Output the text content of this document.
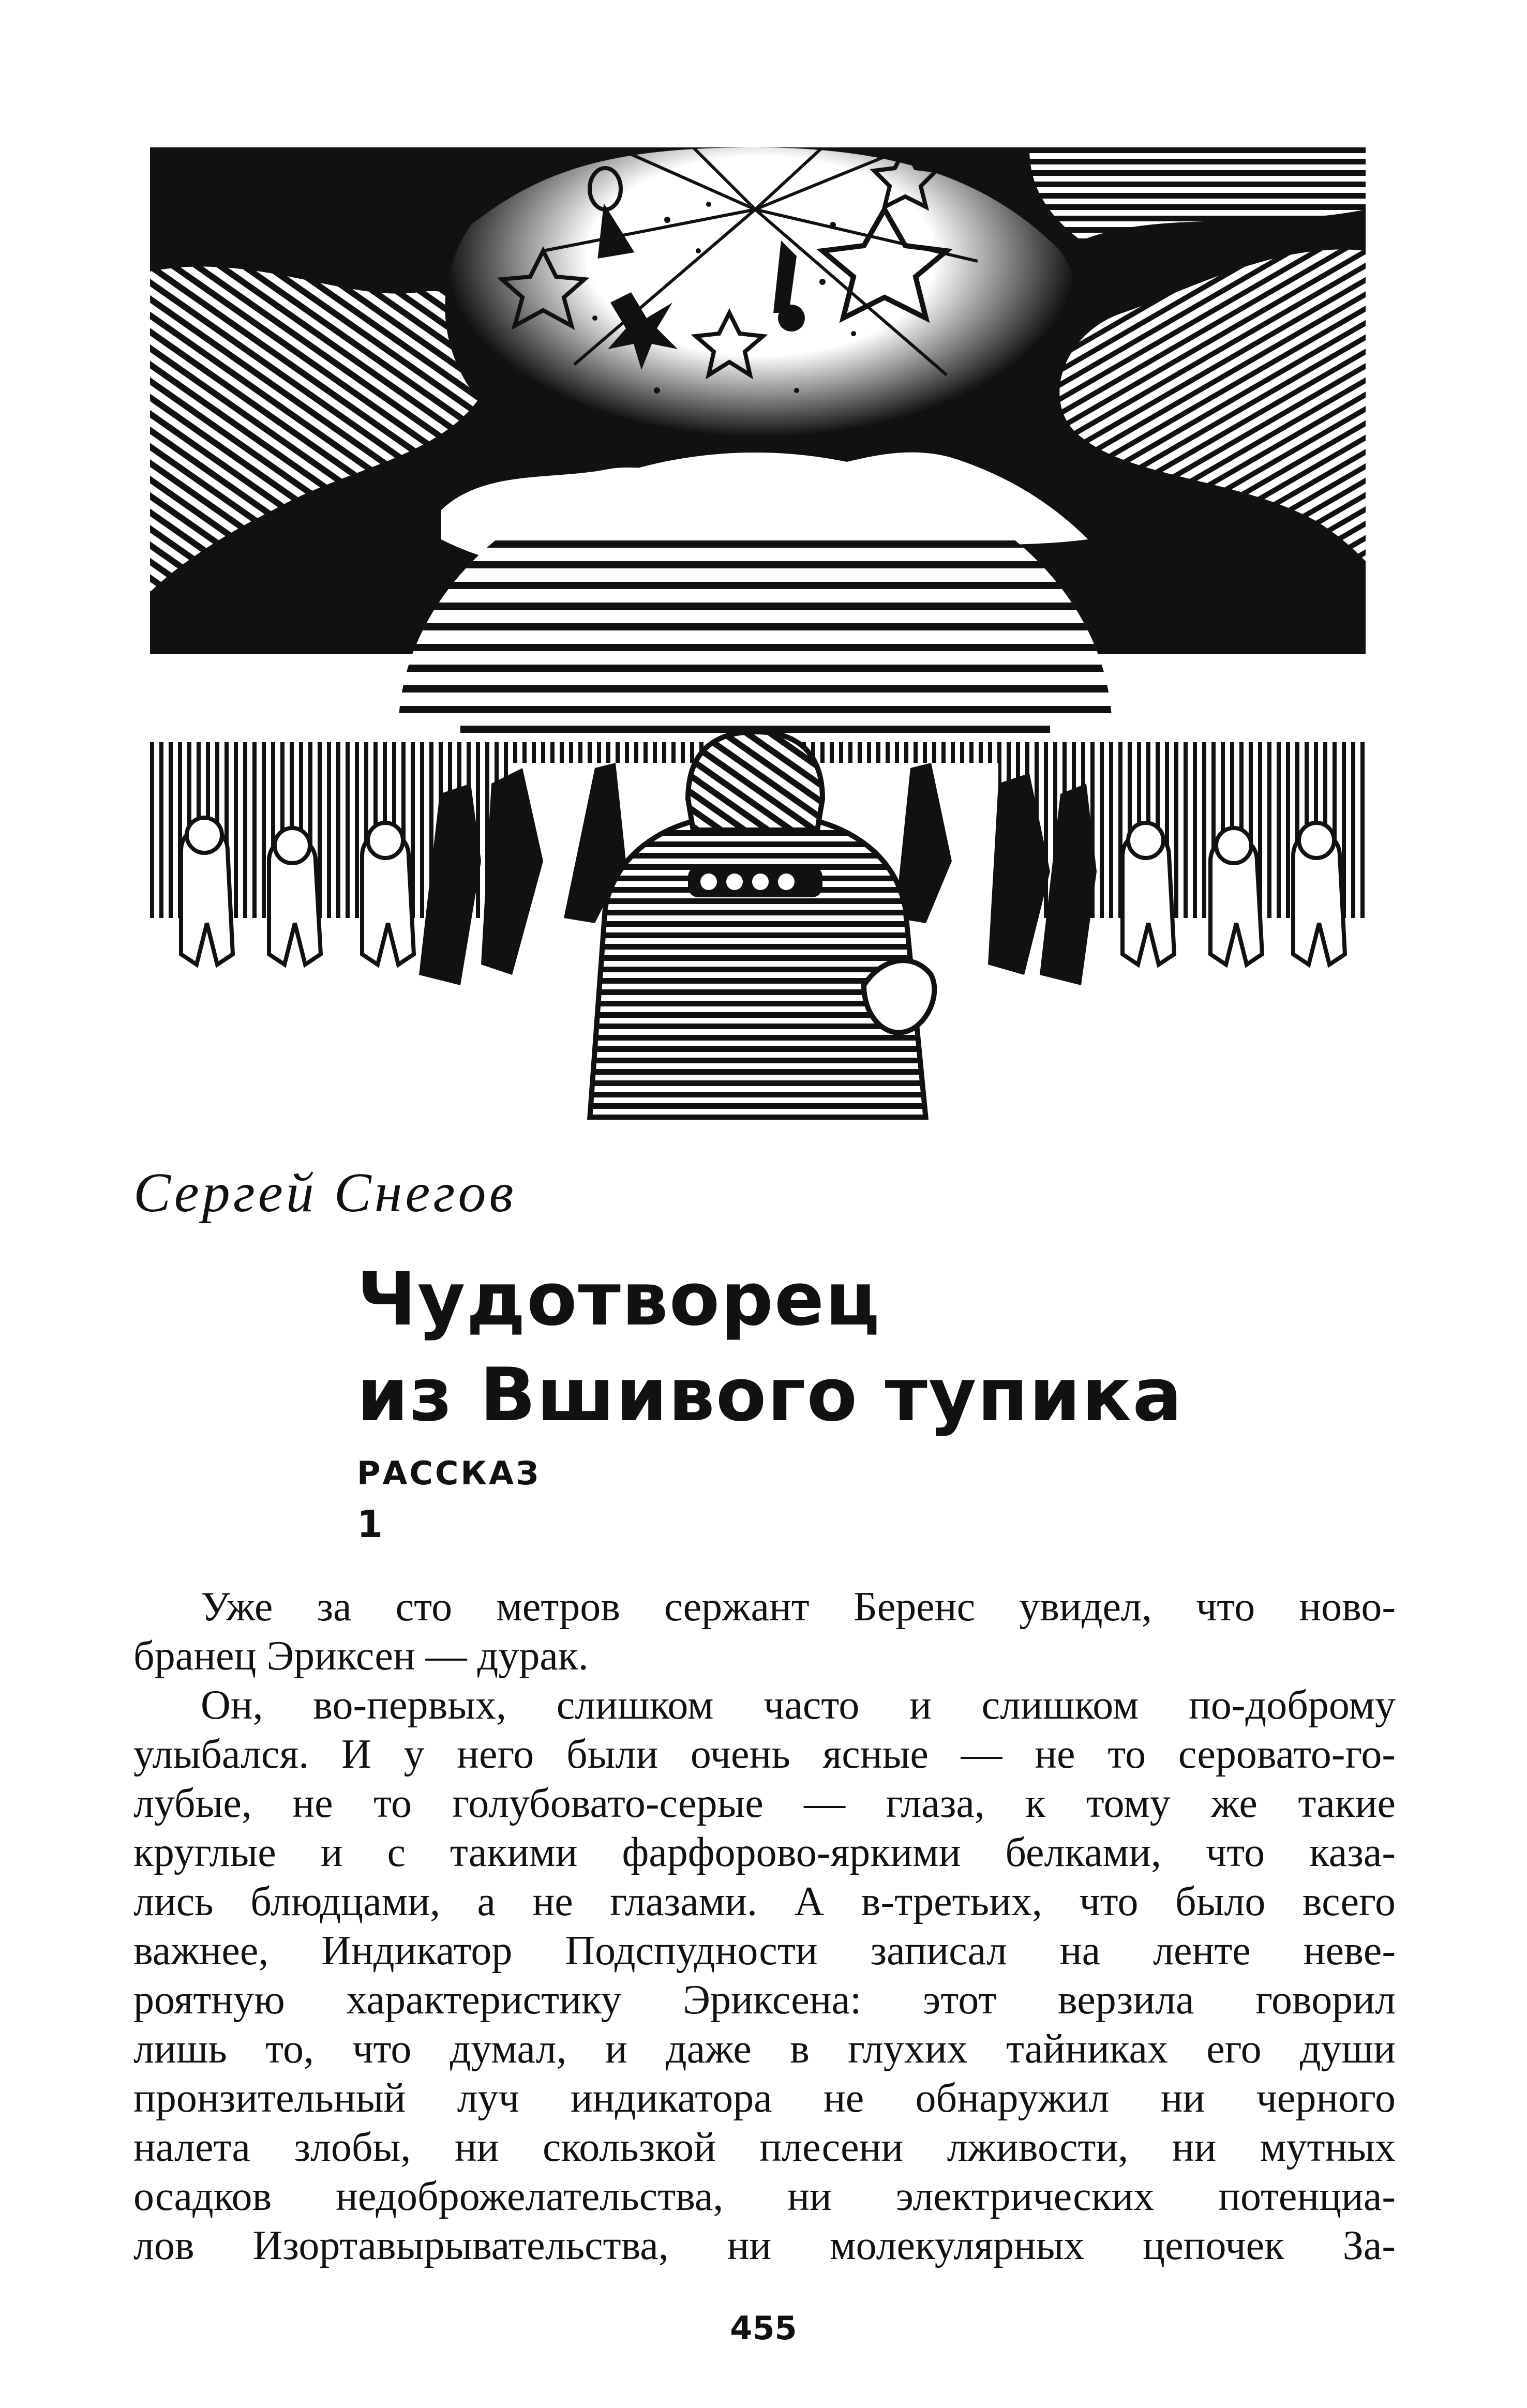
Сергей Снегов
Чудотворец
из Вшивого тупика
РАССКАЗ
1
Уже за сто метров сержант Беренс увидел, что ново-
бранец Эриксен — дурак.
Он, во-первых, слишком часто и слишком по-доброму
улыбался. И у него были очень ясные — не то серовато-го-
лубые, не то голубовато-серые — глаза, к тому же такие
круглые и с такими фарфорово-яркими белками, что каза-
лись блюдцами, а не глазами. А в-третьих, что было всего
важнее, Индикатор Подспудности записал на ленте невe-
роятную характеристику Эриксена: этот верзила говорил
лишь то, что думал, и даже в глухих тайниках его души
пронзительный луч индикатора не обнаружил ни черного
налета злобы, ни скользкой плесени лживости, ни мутных
осадков недоброжелательства, ни электрических потенциа-
лов Изортавырывательства, ни молекулярных цепочек За-
455
